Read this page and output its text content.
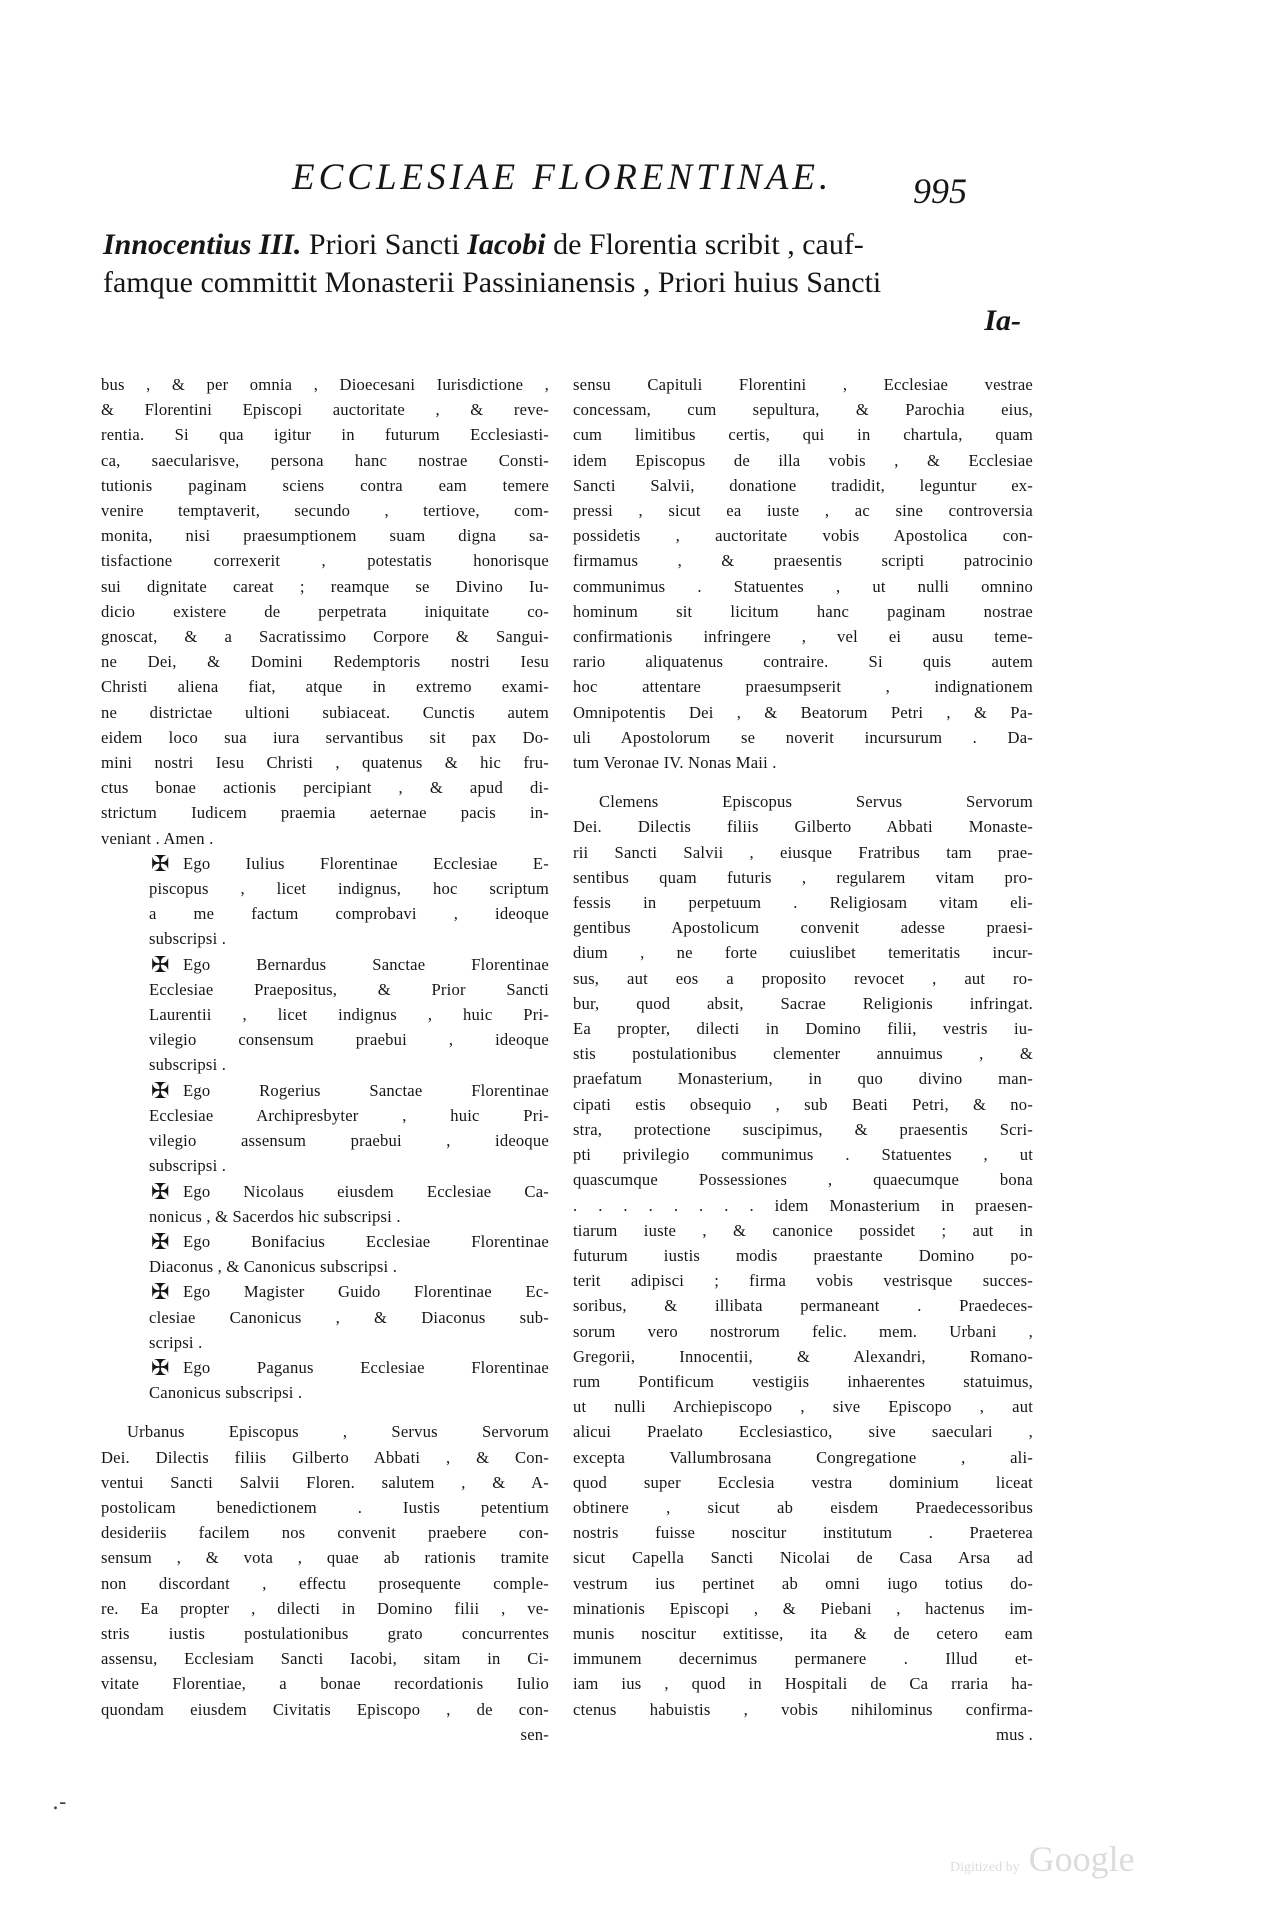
ECCLESIAE FLORENTINAE. 995
Innocentius III. Priori Sancti Iacobi de Florentia scribit , cauf-
famque committit Monasterii Passinianensis , Priori huius Sancti
Ia-
bus , & per omnia , Dioecesani Iurisdictione ,
& Florentini Episcopi auctoritate , & reve-
rentia. Si qua igitur in futurum Ecclesiasti-
ca, saecularisve, persona hanc nostrae Consti-
tutionis paginam sciens contra eam temere
venire temptaverit, secundo , tertiove, com-
monita, nisi praesumptionem suam digna sa-
tisfactione correxerit , potestatis honorisque
sui dignitate careat ; reamque se Divino Iu-
dicio existere de perpetrata iniquitate co-
gnoscat, & a Sacratissimo Corpore & Sangui-
ne Dei, & Domini Redemptoris nostri Iesu
Christi aliena fiat, atque in extremo exami-
ne districtae ultioni subiaceat. Cunctis autem
eidem loco sua iura servantibus sit pax Do-
mini nostri Iesu Christi , quatenus & hic fru-
ctus bonae actionis percipiant , & apud di-
strictum Iudicem praemia aeternae pacis in-
veniant . Amen .
✠ Ego Iulius Florentinae Ecclesiae E-
piscopus , licet indignus, hoc scriptum
a me factum comprobavi , ideoque
subscripsi .
✠ Ego Bernardus Sanctae Florentinae
Ecclesiae Praepositus, & Prior Sancti
Laurentii , licet indignus , huic Pri-
vilegio consensum praebui , ideoque
subscripsi .
✠ Ego Rogerius Sanctae Florentinae
Ecclesiae Archipresbyter , huic Pri-
vilegio assensum praebui , ideoque
subscripsi .
✠ Ego Nicolaus eiusdem Ecclesiae Ca-
nonicus , & Sacerdos hic subscripsi .
✠ Ego Bonifacius Ecclesiae Florentinae
Diaconus , & Canonicus subscripsi .
✠ Ego Magister Guido Florentinae Ec-
clesiae Canonicus , & Diaconus sub-
scripsi .
✠ Ego Paganus Ecclesiae Florentinae
Canonicus subscripsi .
Urbanus Episcopus , Servus Servorum
Dei. Dilectis filiis Gilberto Abbati , & Con-
ventui Sancti Salvii Floren. salutem , & A-
postolicam benedictionem . Iustis petentium
desideriis facilem nos convenit praebere con-
sensum , & vota , quae ab rationis tramite
non discordant , effectu prosequente comple-
re. Ea propter , dilecti in Domino filii , ve-
stris iustis postulationibus grato concurrentes
assensu, Ecclesiam Sancti Iacobi, sitam in Ci-
vitate Florentiae, a bonae recordationis Iulio
quondam eiusdem Civitatis Episcopo , de con-
sen-
sensu Capituli Florentini , Ecclesiae vestrae
concessam, cum sepultura, & Parochia eius,
cum limitibus certis, qui in chartula, quam
idem Episcopus de illa vobis , & Ecclesiae
Sancti Salvii, donatione tradidit, leguntur ex-
pressi , sicut ea iuste , ac sine controversia
possidetis , auctoritate vobis Apostolica con-
firmamus , & praesentis scripti patrocinio
communimus . Statuentes , ut nulli omnino
hominum sit licitum hanc paginam nostrae
confirmationis infringere , vel ei ausu teme-
rario aliquatenus contraire. Si quis autem
hoc attentare praesumpserit , indignationem
Omnipotentis Dei , & Beatorum Petri , & Pa-
uli Apostolorum se noverit incursurum . Da-
tum Veronae IV. Nonas Maii .
Clemens Episcopus Servus Servorum
Dei. Dilectis filiis Gilberto Abbati Monaste-
rii Sancti Salvii , eiusque Fratribus tam prae-
sentibus quam futuris , regularem vitam pro-
fessis in perpetuum . Religiosam vitam eli-
gentibus Apostolicum convenit adesse praesi-
dium , ne forte cuiuslibet temeritatis incur-
sus, aut eos a proposito revocet , aut ro-
bur, quod absit, Sacrae Religionis infringat.
Ea propter, dilecti in Domino filii, vestris iu-
stis postulationibus clementer annuimus , &
praefatum Monasterium, in quo divino man-
cipati estis obsequio , sub Beati Petri, & no-
stra, protectione suscipimus, & praesentis Scri-
pti privilegio communimus . Statuentes , ut
quascumque Possessiones , quaecumque bona
. . . . . . . . idem Monasterium in praesen-
tiarum iuste , & canonice possidet ; aut in
futurum iustis modis praestante Domino po-
terit adipisci ; firma vobis vestrisque succes-
soribus, & illibata permaneant . Praedeces-
sorum vero nostrorum felic. mem. Urbani ,
Gregorii, Innocentii, & Alexandri, Romano-
rum Pontificum vestigiis inhaerentes statuimus,
ut nulli Archiepiscopo , sive Episcopo , aut
alicui Praelato Ecclesiastico, sive saeculari ,
excepta Vallumbrosana Congregatione , ali-
quod super Ecclesia vestra dominium liceat
obtinere , sicut ab eisdem Praedecessoribus
nostris fuisse noscitur institutum . Praeterea
sicut Capella Sancti Nicolai de Casa Arsa ad
vestrum ius pertinet ab omni iugo totius do-
minationis Episcopi , & Piebani , hactenus im-
munis noscitur extitisse, ita & de cetero eam
immunem decernimus permanere . Illud et-
iam ius , quod in Hospitali de Ca rraria ha-
ctenus habuistis , vobis nihilominus confirma-
mus .
.-
Digitized by Google
